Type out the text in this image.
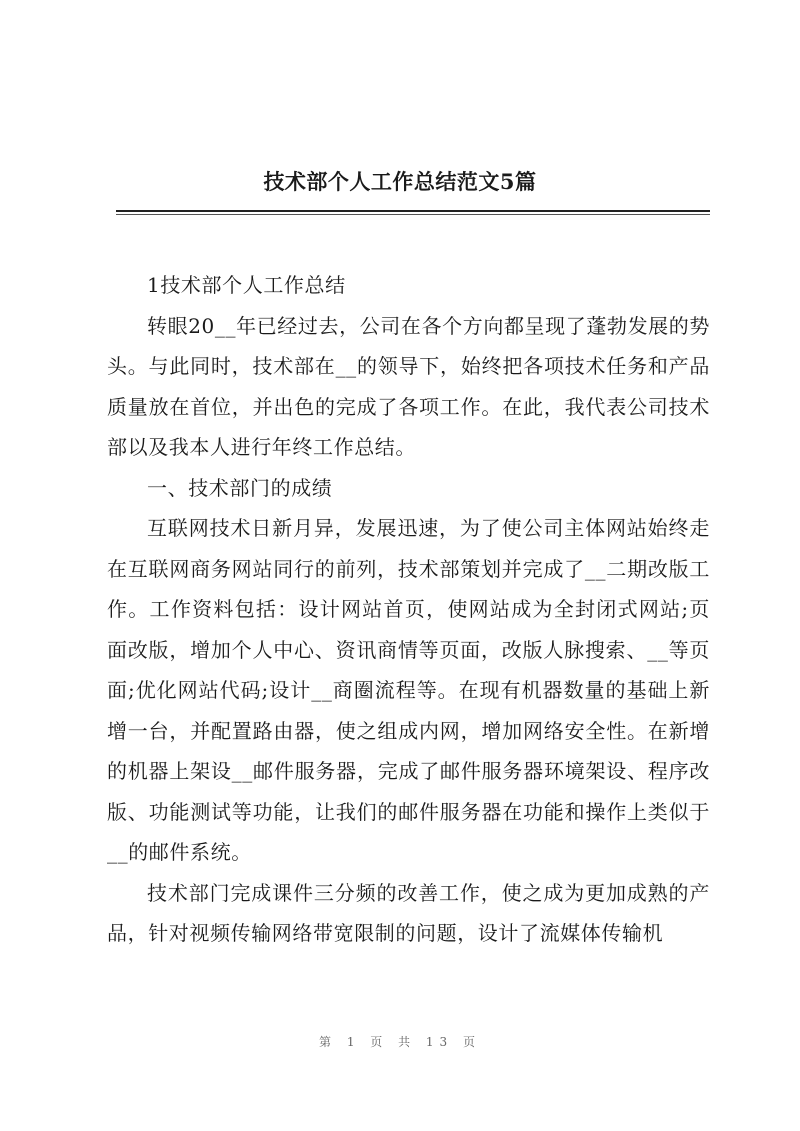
技术部个人工作总结范文5篇

1技术部个人工作总结

转眼20__年已经过去，公司在各个方向都呈现了蓬勃发展的势头。与此同时，技术部在__的领导下，始终把各项技术任务和产品质量放在首位，并出色的完成了各项工作。在此，我代表公司技术部以及我本人进行年终工作总结。

一、技术部门的成绩

互联网技术日新月异，发展迅速，为了使公司主体网站始终走在互联网商务网站同行的前列，技术部策划并完成了__二期改版工作。工作资料包括：设计网站首页，使网站成为全封闭式网站;页面改版，增加个人中心、资讯商情等页面，改版人脉搜索、__等页面;优化网站代码;设计__商圈流程等。在现有机器数量的基础上新增一台，并配置路由器，使之组成内网，增加网络安全性。在新增的机器上架设__邮件服务器，完成了邮件服务器环境架设、程序改版、功能测试等功能，让我们的邮件服务器在功能和操作上类似于__的邮件系统。

技术部门完成课件三分频的改善工作，使之成为更加成熟的产品，针对视频传输网络带宽限制的问题，设计了流媒体传输机

第 1 页 共 13 页
